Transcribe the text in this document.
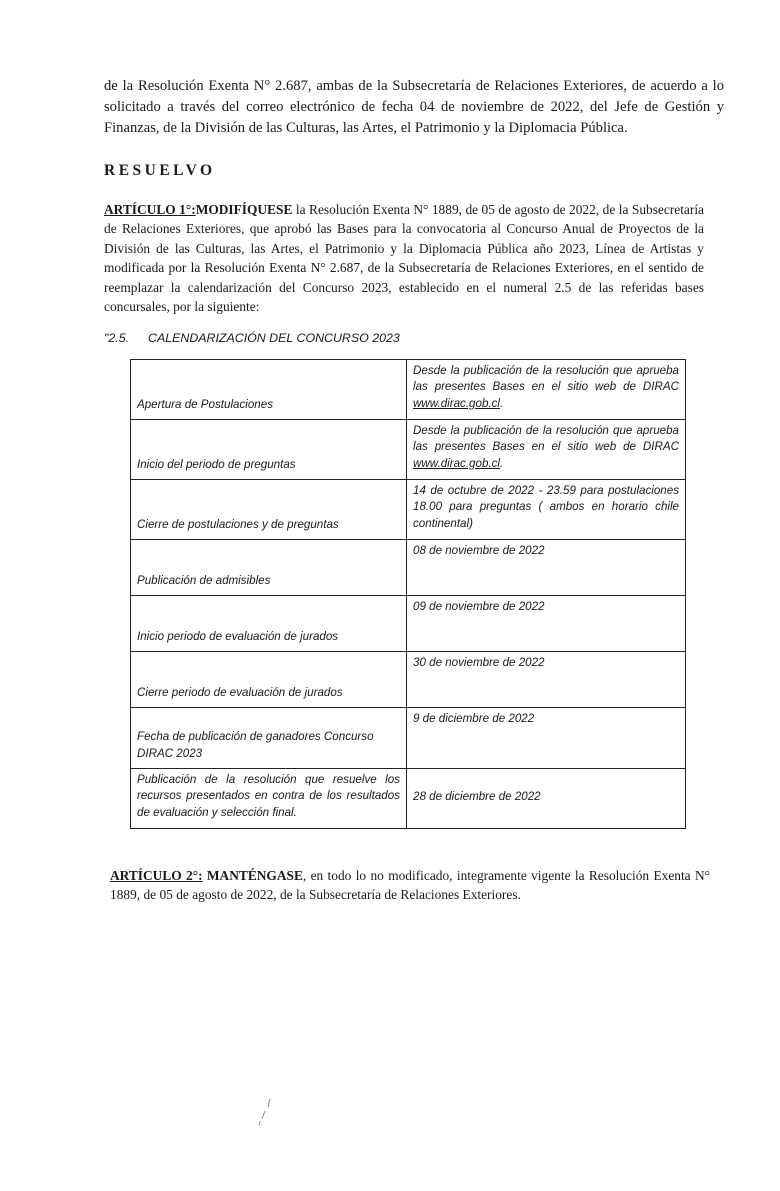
de la Resolución Exenta N° 2.687, ambas de la Subsecretaría de Relaciones Exteriores, de acuerdo a lo solicitado a través del correo electrónico de fecha 04 de noviembre de 2022, del Jefe de Gestión y Finanzas, de la División de las Culturas, las Artes, el Patrimonio y la Diplomacia Pública.

RESUELVO

ARTÍCULO 1°:MODIFÍQUESE la Resolución Exenta N° 1889, de 05 de agosto de 2022, de la Subsecretaría de Relaciones Exteriores, que aprobó las Bases para la convocatoria al Concurso Anual de Proyectos de la División de las Culturas, las Artes, el Patrimonio y la Diplomacia Pública año 2023, Línea de Artistas y modificada por la Resolución Exenta N° 2.687, de la Subsecretaría de Relaciones Exteriores, en el sentido de reemplazar la calendarización del Concurso 2023, establecido en el numeral 2.5 de las referidas bases concursales, por la siguiente:

"2.5. CALENDARIZACIÓN DEL CONCURSO 2023
Apertura de Postulaciones	Desde la publicación de la resolución que aprueba las presentes Bases en el sitio web de DIRAC www.dirac.gob.cl.
Inicio del periodo de preguntas	Desde la publicación de la resolución que aprueba las presentes Bases en el sitio web de DIRAC www.dirac.gob.cl.
Cierre de postulaciones y de preguntas	14 de octubre de 2022 - 23.59 para postulaciones 18.00 para preguntas ( ambos en horario chile continental)
Publicación de admisibles	08 de noviembre de 2022
Inicio periodo de evaluación de jurados	09 de noviembre de 2022
Cierre periodo de evaluación de jurados	30 de noviembre de 2022
Fecha de publicación de ganadores Concurso DIRAC 2023	9 de diciembre de 2022
Publicación de la resolución que resuelve los recursos presentados en contra de los resultados de evaluación y selección final.	28 de diciembre de 2022

ARTÍCULO 2°: MANTÉNGASE, en todo lo no modificado, integramente vigente la Resolución Exenta N° 1889, de 05 de agosto de 2022, de la Subsecretaría de Relaciones Exteriores.
